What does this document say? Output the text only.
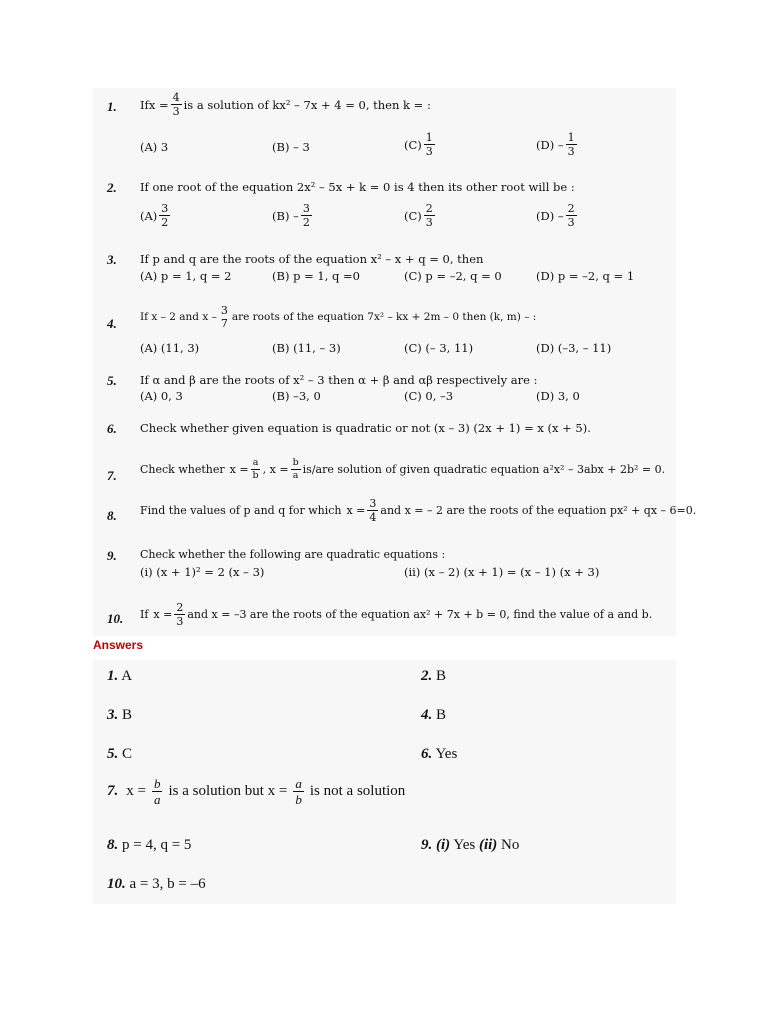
1. If $x = \frac{4}{3}$ is a solution of kx² – 7x + 4 = 0, then k = :
(A) 3	(B) – 3	$(C) \frac{1}{3}$	$(D) - \frac{1}{3}$
2. If one root of the equation 2x² – 5x + k = 0 is 4 then its other root will be :
$(A) \frac{3}{2}$	$(B) - \frac{3}{2}$	$(C) \frac{2}{3}$	$(D) - \frac{2}{3}$
3. If p and q are the roots of the equation x² – x + q = 0, then
(A) p = 1, q = 2	(B) p = 1, q =0	(C) p = –2, q = 0	(D) p = –2, q = 1
4. If x – 2 and x – 3
7 are roots of the equation 7x² – kx + 2m – 0 then (k, m) – :
(A) (11, 3)	(B) (11, – 3)	(C) (– 3, 11)	(D) (–3, – 11)
5. If α and β are the roots of x² – 3 then α + β and αβ respectively are :
(A) 0, 3	(B) –3, 0	(C) 0, –3	(D) 3, 0
6. Check whether given equation is quadratic or not (x – 3) (2x + 1) = x (x + 5).
7. Check whether $x = \frac{a}{b}$ , $x = \frac{b}{a} is/are$ solution of given quadratic equation a²x² – 3abx + 2b² = 0.
8. Find the values of p and q for which $x = \frac{3}{4}$ and x = – 2 are the roots of the equation px² + qx – 6=0.
9. Check whether the following are quadratic equations :
(i) (x + 1)² = 2 (x – 3)	(ii) (x – 2) (x + 1) = (x – 1) (x + 3)
10. If $x = \frac{2}{3}$ and x = –3 are the roots of the equation ax² + 7x + b = 0, find the value of a and b.
Answers
1. A	2. B
3. B	4. B
5. C	6. Yes
7. $x = \frac{b}{a}$ is a solution but $x = \frac{a}{b}$ is not a solution
8. p = 4, q = 5	9. (i) Yes (ii) No
10. a = 3, b = –6
